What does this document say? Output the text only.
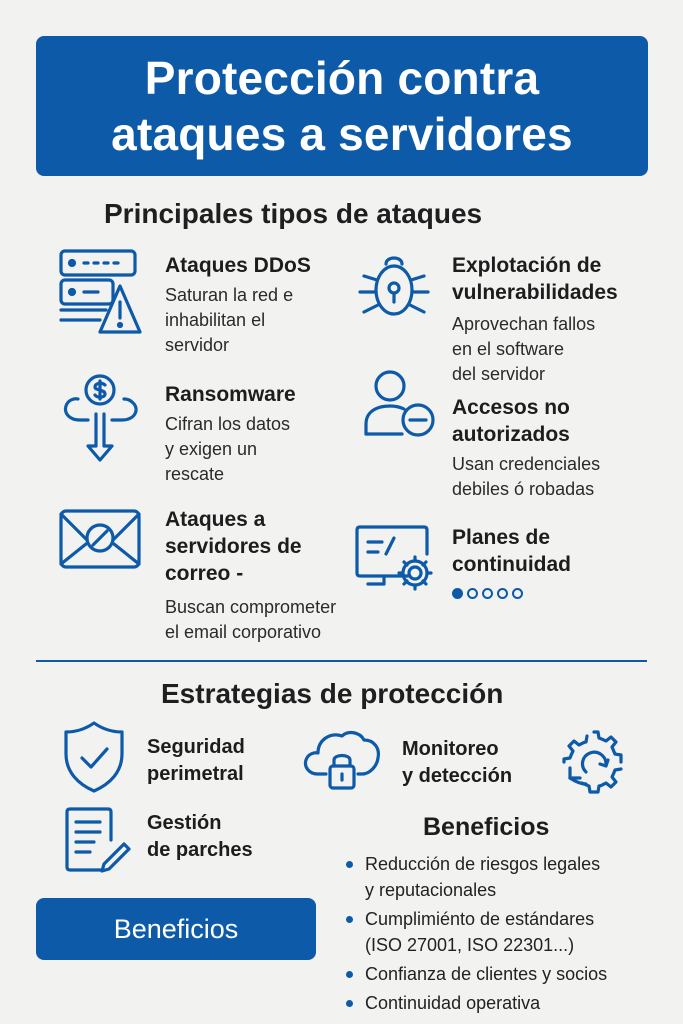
Protección contra
ataques a servidores
Principales tipos de ataques
Ataques DDoS
Saturan la red e
inhabilitan el
servidor
Explotación de
vulnerabilidades
Aprovechan fallos
en el software
del servidor
Ransomware
Cifran los datos
y exigen un
rescate
Accesos no
autorizados
Usan credenciales
debiles ó robadas
Ataques a
servidores de
correo -
Buscan comprometer
el email corporativo
Planes de
continuidad
Estrategias de protección
Seguridad
perimetral
Monitoreo
y detección
Gestión
de parches
Beneficios
Beneficios
Reducción de riesgos legales
y reputacionales
Cumplimiénto de estándares
(ISO 27001, ISO 22301...)
Confianza de clientes y socios
Continuidad operativa
